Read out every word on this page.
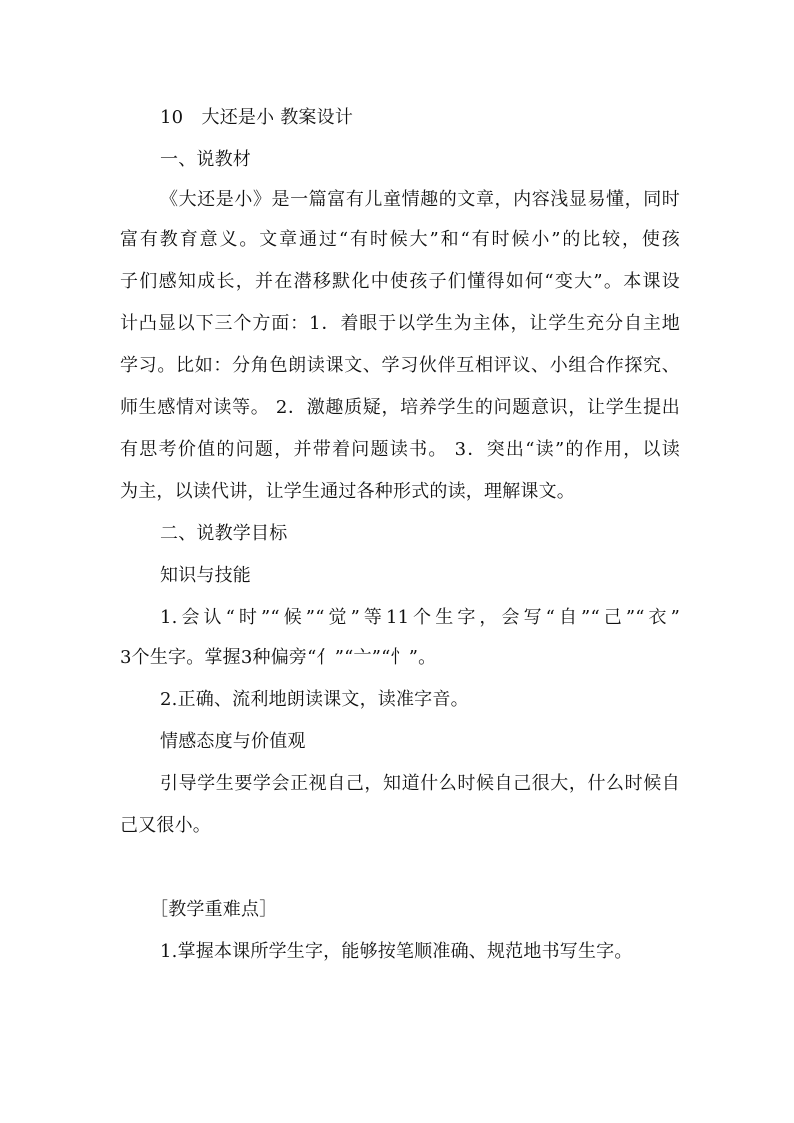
10　大还是小 教案设计
一、说教材
《大还是小》是一篇富有儿童情趣的文章，内容浅显易懂，同时
富有教育意义。文章通过“有时候大”和“有时候小”的比较，使孩
子们感知成长，并在潜移默化中使孩子们懂得如何“变大”。本课设
计凸显以下三个方面：1．着眼于以学生为主体，让学生充分自主地
学习。比如：分角色朗读课文、学习伙伴互相评议、小组合作探究、
师生感情对读等。 2．激趣质疑，培养学生的问题意识，让学生提出
有思考价值的问题，并带着问题读书。 3．突出“读”的作用，以读
为主，以读代讲，让学生通过各种形式的读，理解课文。
二、说教学目标
知识与技能
1.会认“时”“候”“觉”等11个生字，会写“自”“己”“衣”
3个生字。掌握3种偏旁“亻”“亠”“忄”。
2.正确、流利地朗读课文，读准字音。
情感态度与价值观
引导学生要学会正视自己，知道什么时候自己很大，什么时候自
己又很小。
［教学重难点］
1.掌握本课所学生字，能够按笔顺准确、规范地书写生字。
